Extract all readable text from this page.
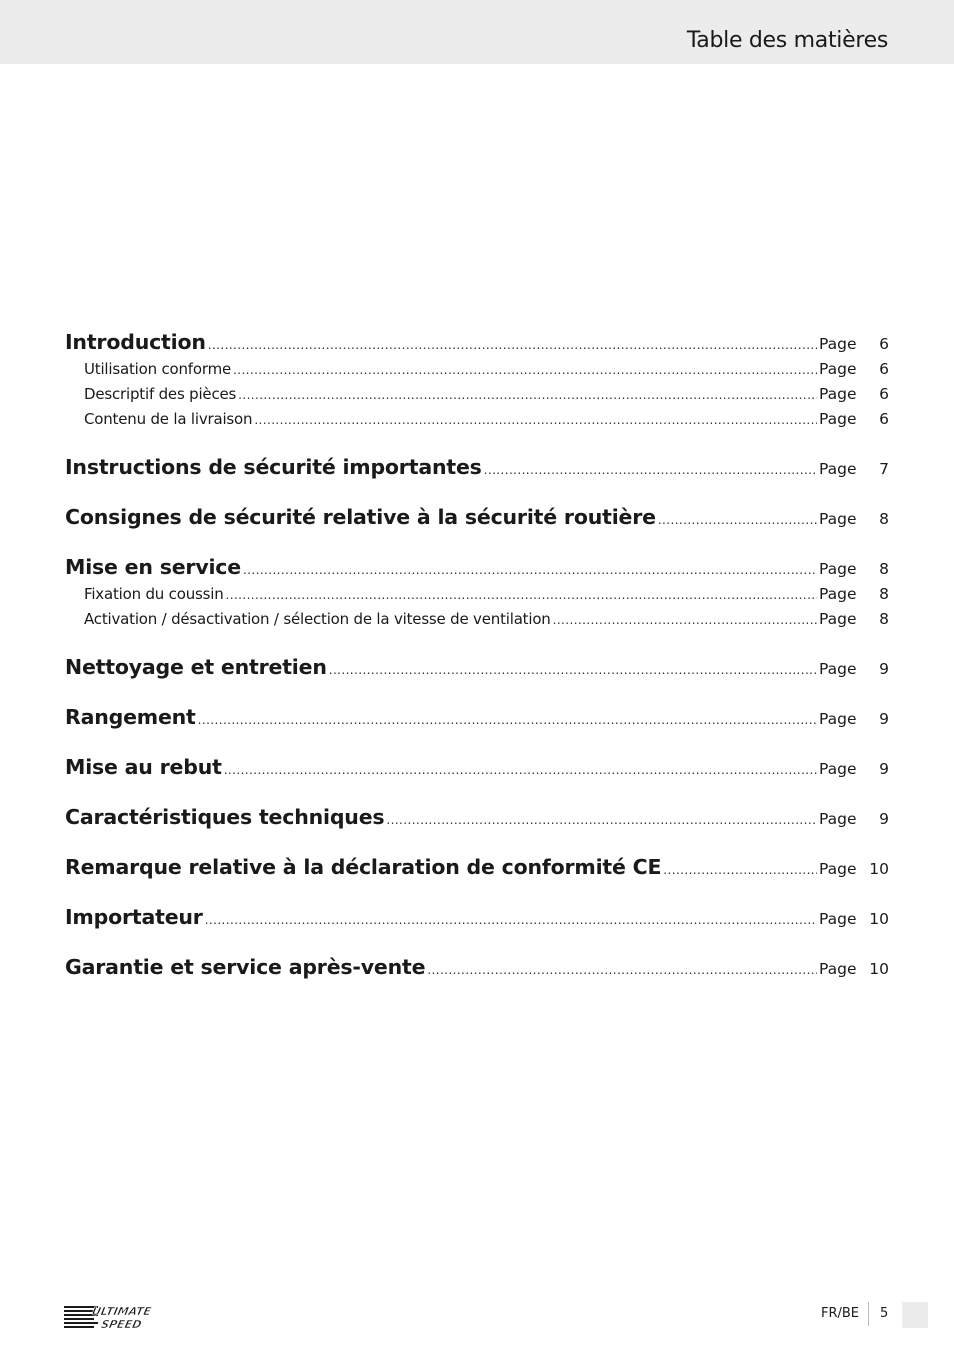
Table des matières
Introduction .....	Page	6
Utilisation conforme .....	Page	6
Descriptif des pièces .....	Page	6
Contenu de la livraison .....	Page	6
Instructions de sécurité importantes .....	Page	7
Consignes de sécurité relative à la sécurité routière .....	Page	8
Mise en service .....	Page	8
Fixation du coussin .....	Page	8
Activation / désactivation / sélection de la vitesse de ventilation .....	Page	8
Nettoyage et entretien .....	Page	9
Rangement .....	Page	9
Mise au rebut .....	Page	9
Caractéristiques techniques .....	Page	9
Remarque relative à la déclaration de conformité CE .....	Page 10
Importateur .....	Page 10
Garantie et service après-vente .....	Page 10
ULTIMATE
SPEED
FR/BE 5
